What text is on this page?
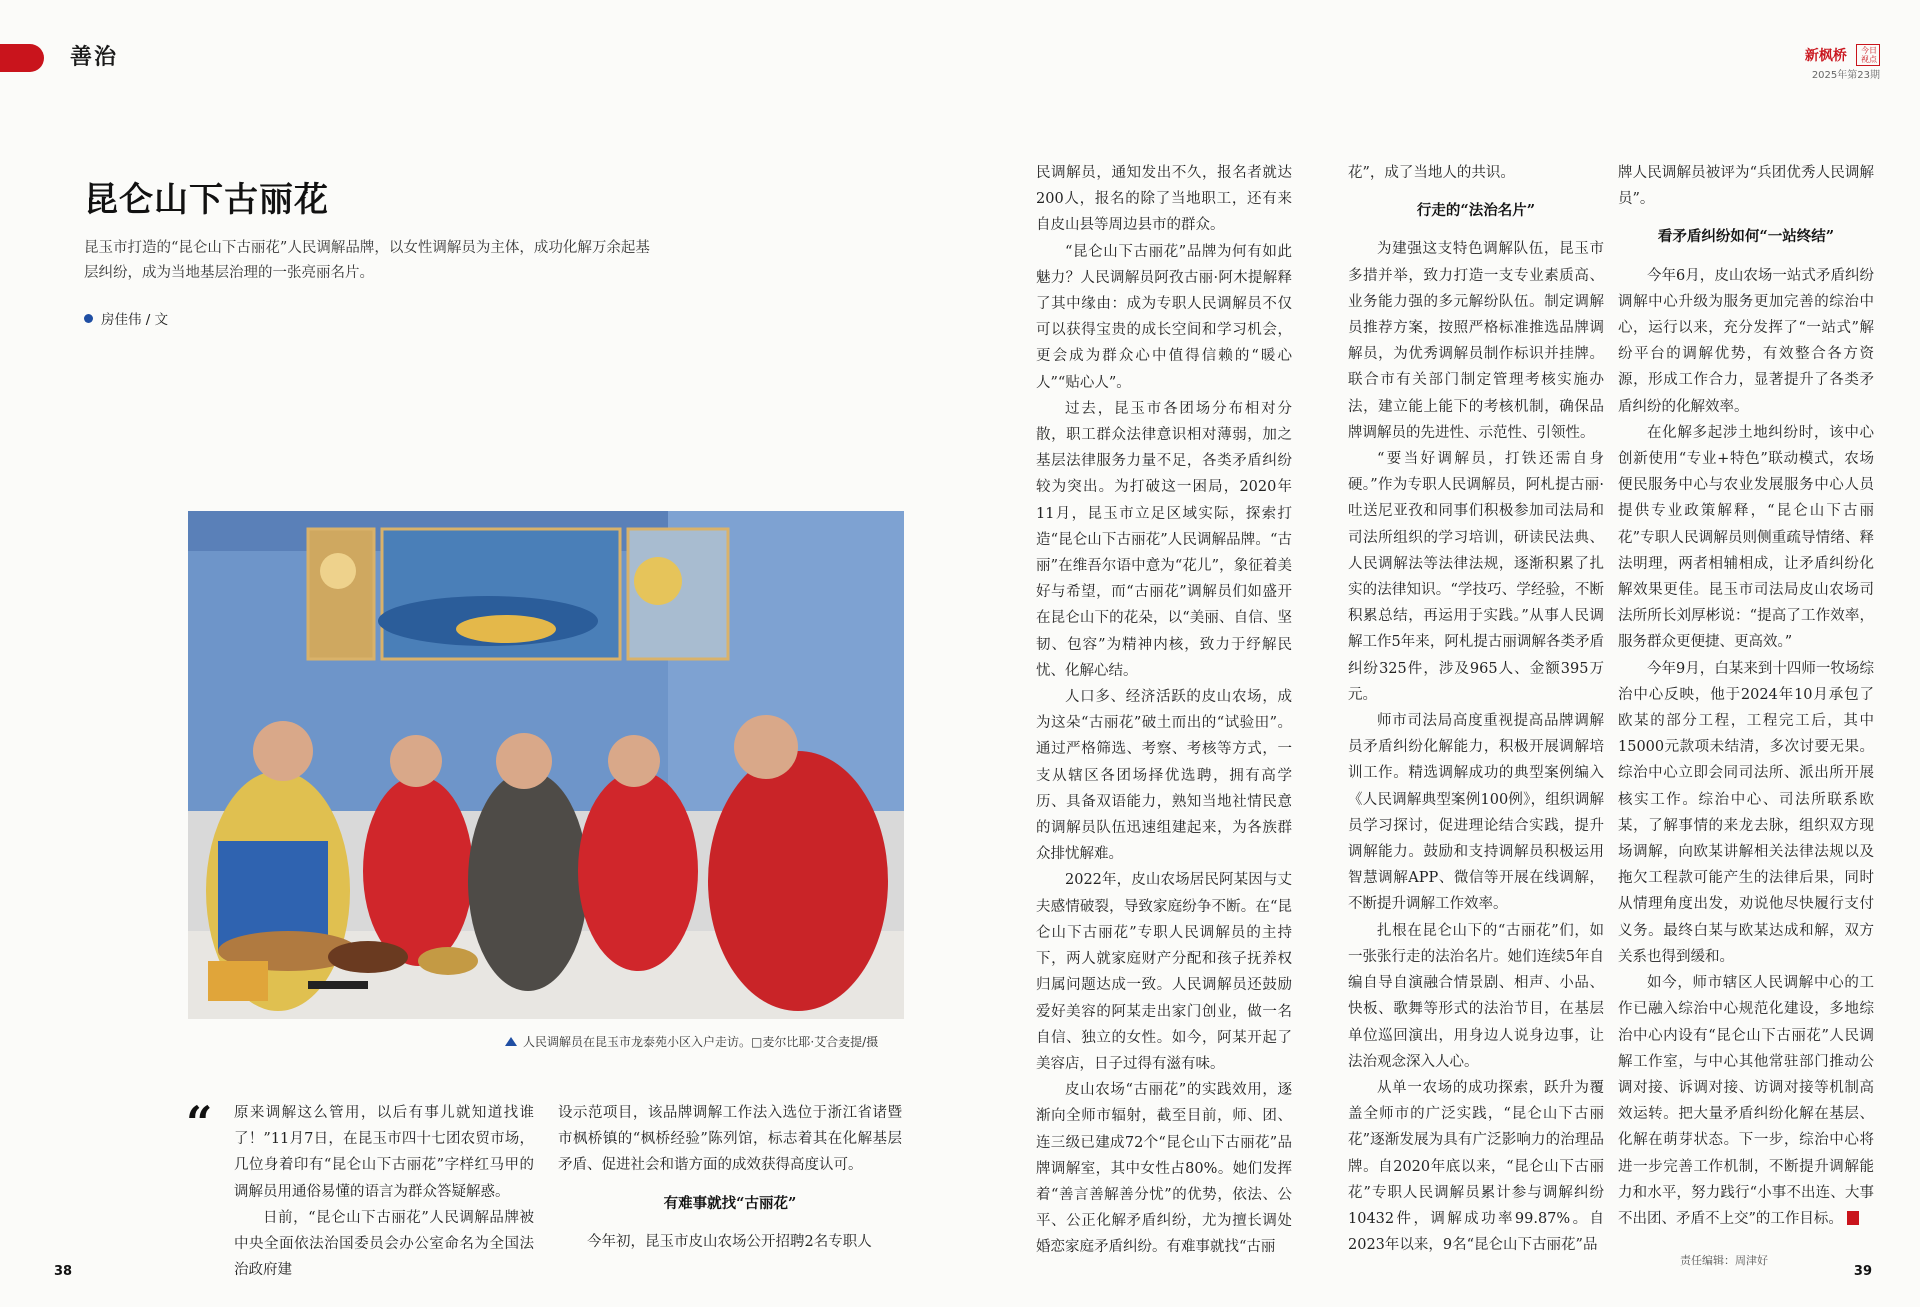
善治	新枫桥 今日视点
2025年第23期
昆仑山下古丽花
昆玉市打造的“昆仑山下古丽花”人民调解品牌，以女性调解员为主体，成功化解万余起基层纠纷，成为当地基层治理的一张亮丽名片。
房佳伟 / 文
人民调解员在昆玉市龙泰苑小区入户走访。□麦尔比耶·艾合麦提/摄
“ 原来调解这么管用，以后有事儿就知道找谁了！”11月7日，在昆玉市四十七团农贸市场，几位身着印有“昆仑山下古丽花”字样红马甲的调解员用通俗易懂的语言为群众答疑解惑。

日前，“昆仑山下古丽花”人民调解品牌被中央全面依法治国委员会办公室命名为全国法治政府建

设示范项目，该品牌调解工作法入选位于浙江省诸暨市枫桥镇的“枫桥经验”陈列馆，标志着其在化解基层矛盾、促进社会和谐方面的成效获得高度认可。

有难事就找“古丽花”

今年初，昆玉市皮山农场公开招聘2名专职人

民调解员，通知发出不久，报名者就达200人，报名的除了当地职工，还有来自皮山县等周边县市的群众。

“昆仑山下古丽花”品牌为何有如此魅力？人民调解员阿孜古丽·阿木提解释了其中缘由：成为专职人民调解员不仅可以获得宝贵的成长空间和学习机会，更会成为群众心中值得信赖的“暖心人”“贴心人”。

过去，昆玉市各团场分布相对分散，职工群众法律意识相对薄弱，加之基层法律服务力量不足，各类矛盾纠纷较为突出。为打破这一困局，2020年11月，昆玉市立足区域实际，探索打造“昆仑山下古丽花”人民调解品牌。“古丽”在维吾尔语中意为“花儿”，象征着美好与希望，而“古丽花”调解员们如盛开在昆仑山下的花朵，以“美丽、自信、坚韧、包容”为精神内核，致力于纾解民忧、化解心结。

人口多、经济活跃的皮山农场，成为这朵“古丽花”破土而出的“试验田”。通过严格筛选、考察、考核等方式，一支从辖区各团场择优选聘，拥有高学历、具备双语能力，熟知当地社情民意的调解员队伍迅速组建起来，为各族群众排忧解难。

2022年，皮山农场居民阿某因与丈夫感情破裂，导致家庭纷争不断。在“昆仑山下古丽花”专职人民调解员的主持下，两人就家庭财产分配和孩子抚养权归属问题达成一致。人民调解员还鼓励爱好美容的阿某走出家门创业，做一名自信、独立的女性。如今，阿某开起了美容店，日子过得有滋有味。

皮山农场“古丽花”的实践效用，逐渐向全师市辐射，截至目前，师、团、连三级已建成72个“昆仑山下古丽花”品牌调解室，其中女性占80%。她们发挥着“善言善解善分忧”的优势，依法、公平、公正化解矛盾纠纷，尤为擅长调处婚恋家庭矛盾纠纷。有难事就找“古丽

花”，成了当地人的共识。

行走的“法治名片”

为建强这支特色调解队伍，昆玉市多措并举，致力打造一支专业素质高、业务能力强的多元解纷队伍。制定调解员推荐方案，按照严格标准推选品牌调解员，为优秀调解员制作标识并挂牌。联合市有关部门制定管理考核实施办法，建立能上能下的考核机制，确保品牌调解员的先进性、示范性、引领性。

“要当好调解员，打铁还需自身硬。”作为专职人民调解员，阿札提古丽·吐送尼亚孜和同事们积极参加司法局和司法所组织的学习培训，研读民法典、人民调解法等法律法规，逐渐积累了扎实的法律知识。“学技巧、学经验，不断积累总结，再运用于实践。”从事人民调解工作5年来，阿札提古丽调解各类矛盾纠纷325件，涉及965人、金额395万元。

师市司法局高度重视提高品牌调解员矛盾纠纷化解能力，积极开展调解培训工作。精选调解成功的典型案例编入《人民调解典型案例100例》，组织调解员学习探讨，促进理论结合实践，提升调解能力。鼓励和支持调解员积极运用智慧调解APP、微信等开展在线调解，不断提升调解工作效率。

扎根在昆仑山下的“古丽花”们，如一张张行走的法治名片。她们连续5年自编自导自演融合情景剧、相声、小品、快板、歌舞等形式的法治节目，在基层单位巡回演出，用身边人说身边事，让法治观念深入人心。

从单一农场的成功探索，跃升为覆盖全师市的广泛实践，“昆仑山下古丽花”逐渐发展为具有广泛影响力的治理品牌。自2020年底以来，“昆仑山下古丽花”专职人民调解员累计参与调解纠纷10432件，调解成功率99.87%。自2023年以来，9名“昆仑山下古丽花”品

牌人民调解员被评为“兵团优秀人民调解员”。

看矛盾纠纷如何“一站终结”

今年6月，皮山农场一站式矛盾纠纷调解中心升级为服务更加完善的综治中心，运行以来，充分发挥了“一站式”解纷平台的调解优势，有效整合各方资源，形成工作合力，显著提升了各类矛盾纠纷的化解效率。

在化解多起涉土地纠纷时，该中心创新使用“专业+特色”联动模式，农场便民服务中心与农业发展服务中心人员提供专业政策解释，“昆仑山下古丽花”专职人民调解员则侧重疏导情绪、释法明理，两者相辅相成，让矛盾纠纷化解效果更佳。昆玉市司法局皮山农场司法所所长刘厚彬说：“提高了工作效率，服务群众更便捷、更高效。”

今年9月，白某来到十四师一牧场综治中心反映，他于2024年10月承包了欧某的部分工程，工程完工后，其中15000元款项未结清，多次讨要无果。综治中心立即会同司法所、派出所开展核实工作。综治中心、司法所联系欧某，了解事情的来龙去脉，组织双方现场调解，向欧某讲解相关法律法规以及拖欠工程款可能产生的法律后果，同时从情理角度出发，劝说他尽快履行支付义务。最终白某与欧某达成和解，双方关系也得到缓和。

如今，师市辖区人民调解中心的工作已融入综治中心规范化建设，多地综治中心内设有“昆仑山下古丽花”人民调解工作室，与中心其他常驻部门推动公调对接、诉调对接、访调对接等机制高效运转。把大量矛盾纠纷化解在基层、化解在萌芽状态。下一步，综治中心将进一步完善工作机制，不断提升调解能力和水平，努力践行“小事不出连、大事不出团、矛盾不上交”的工作目标。

38	39
责任编辑：周津好
